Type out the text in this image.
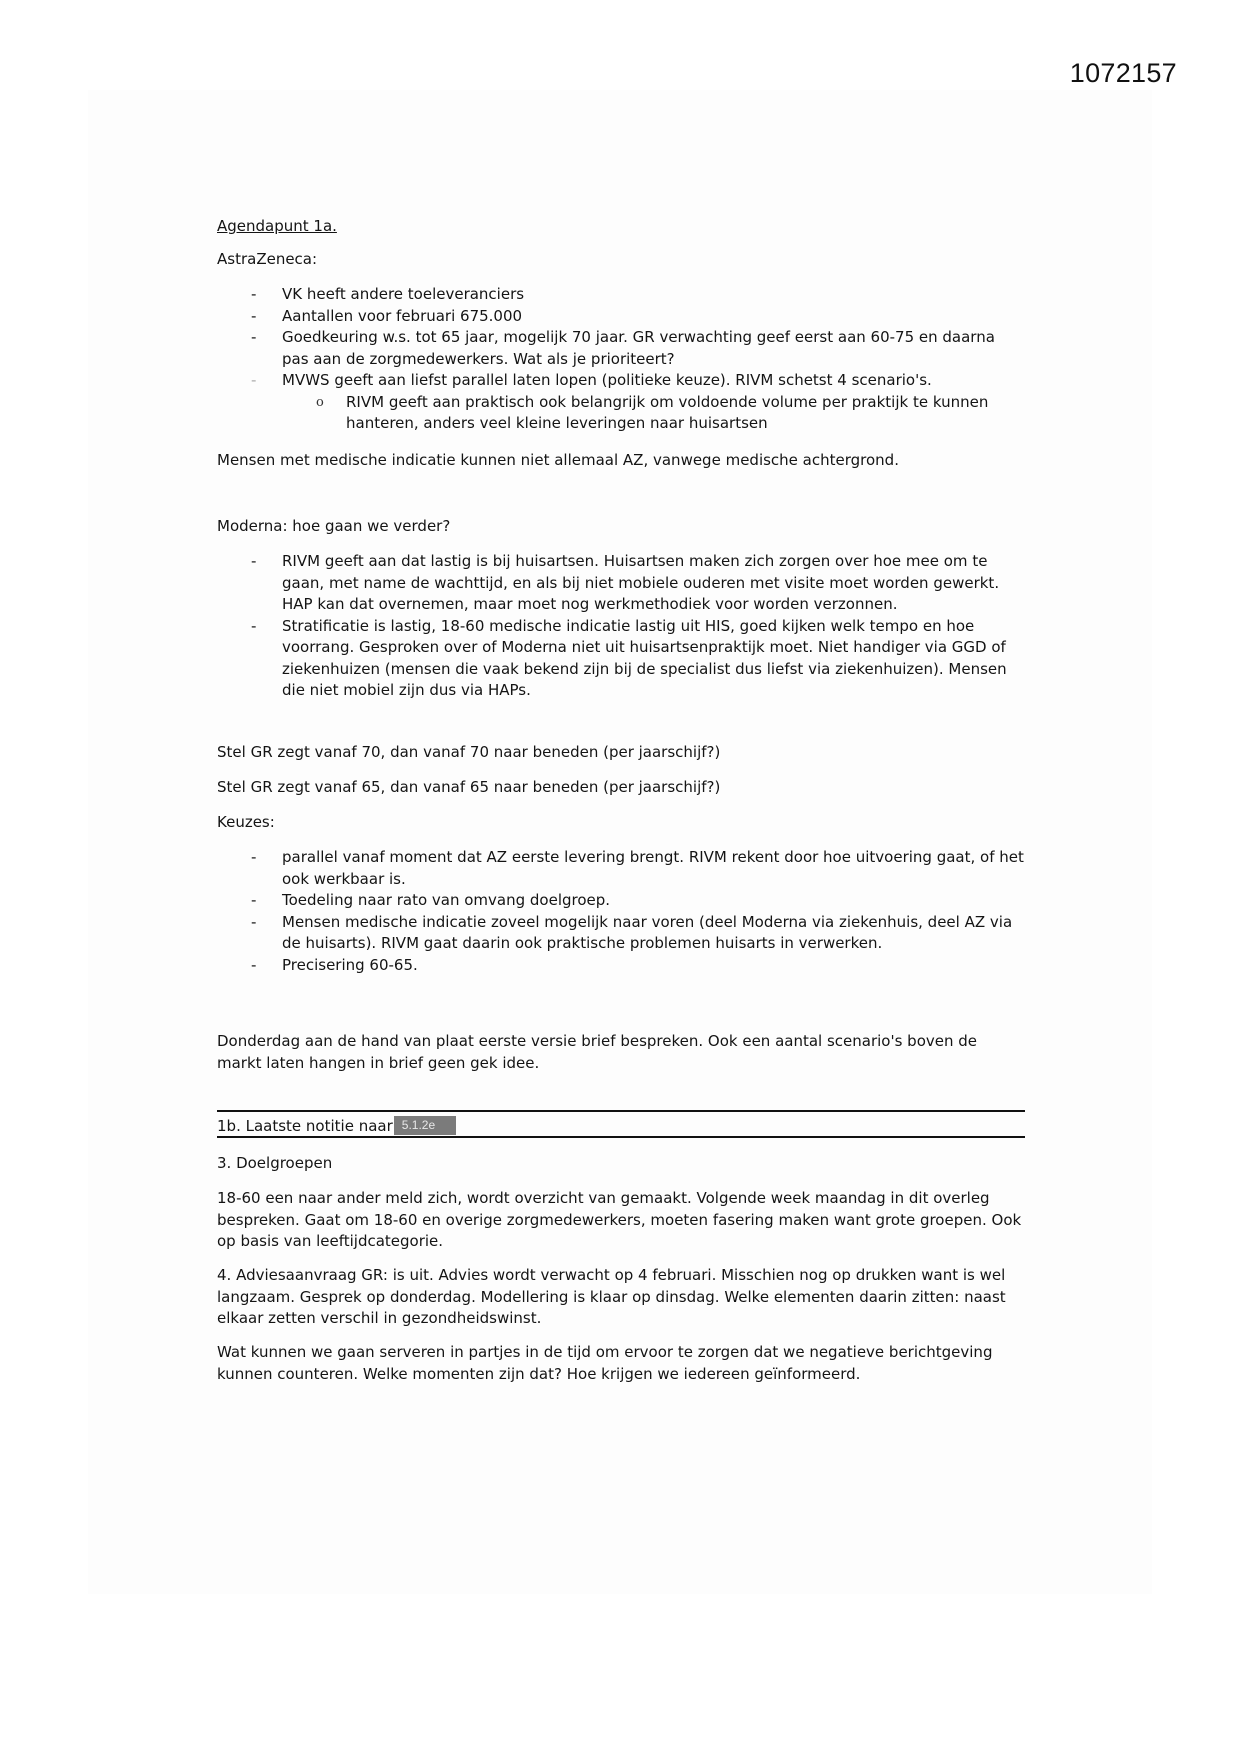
1072157

Agendapunt 1a.

AstraZeneca:

- VK heeft andere toeleveranciers
- Aantallen voor februari 675.000
- Goedkeuring w.s. tot 65 jaar, mogelijk 70 jaar. GR verwachting geef eerst aan 60-75 en daarna pas aan de zorgmedewerkers. Wat als je prioriteert?
- MVWS geeft aan liefst parallel laten lopen (politieke keuze). RIVM schetst 4 scenario's.
o RIVM geeft aan praktisch ook belangrijk om voldoende volume per praktijk te kunnen hanteren, anders veel kleine leveringen naar huisartsen

Mensen met medische indicatie kunnen niet allemaal AZ, vanwege medische achtergrond.

Moderna: hoe gaan we verder?

- RIVM geeft aan dat lastig is bij huisartsen. Huisartsen maken zich zorgen over hoe mee om te gaan, met name de wachttijd, en als bij niet mobiele ouderen met visite moet worden gewerkt. HAP kan dat overnemen, maar moet nog werkmethodiek voor worden verzonnen.
- Stratificatie is lastig, 18-60 medische indicatie lastig uit HIS, goed kijken welk tempo en hoe voorrang. Gesproken over of Moderna niet uit huisartsenpraktijk moet. Niet handiger via GGD of ziekenhuizen (mensen die vaak bekend zijn bij de specialist dus liefst via ziekenhuizen). Mensen die niet mobiel zijn dus via HAPs.

Stel GR zegt vanaf 70, dan vanaf 70 naar beneden (per jaarschijf?)

Stel GR zegt vanaf 65, dan vanaf 65 naar beneden (per jaarschijf?)

Keuzes:

- parallel vanaf moment dat AZ eerste levering brengt. RIVM rekent door hoe uitvoering gaat, of het ook werkbaar is.
- Toedeling naar rato van omvang doelgroep.
- Mensen medische indicatie zoveel mogelijk naar voren (deel Moderna via ziekenhuis, deel AZ via de huisarts). RIVM gaat daarin ook praktische problemen huisarts in verwerken.
- Precisering 60-65.

Donderdag aan de hand van plaat eerste versie brief bespreken. Ook een aantal scenario's boven de markt laten hangen in brief geen gek idee.

1b. Laatste notitie naar 5.1.2e

3. Doelgroepen

18-60 een naar ander meld zich, wordt overzicht van gemaakt. Volgende week maandag in dit overleg bespreken. Gaat om 18-60 en overige zorgmedewerkers, moeten fasering maken want grote groepen. Ook op basis van leeftijdcategorie.

4. Adviesaanvraag GR: is uit. Advies wordt verwacht op 4 februari. Misschien nog op drukken want is wel langzaam. Gesprek op donderdag. Modellering is klaar op dinsdag. Welke elementen daarin zitten: naast elkaar zetten verschil in gezondheidswinst.

Wat kunnen we gaan serveren in partjes in de tijd om ervoor te zorgen dat we negatieve berichtgeving kunnen counteren. Welke momenten zijn dat? Hoe krijgen we iedereen geïnformeerd.
